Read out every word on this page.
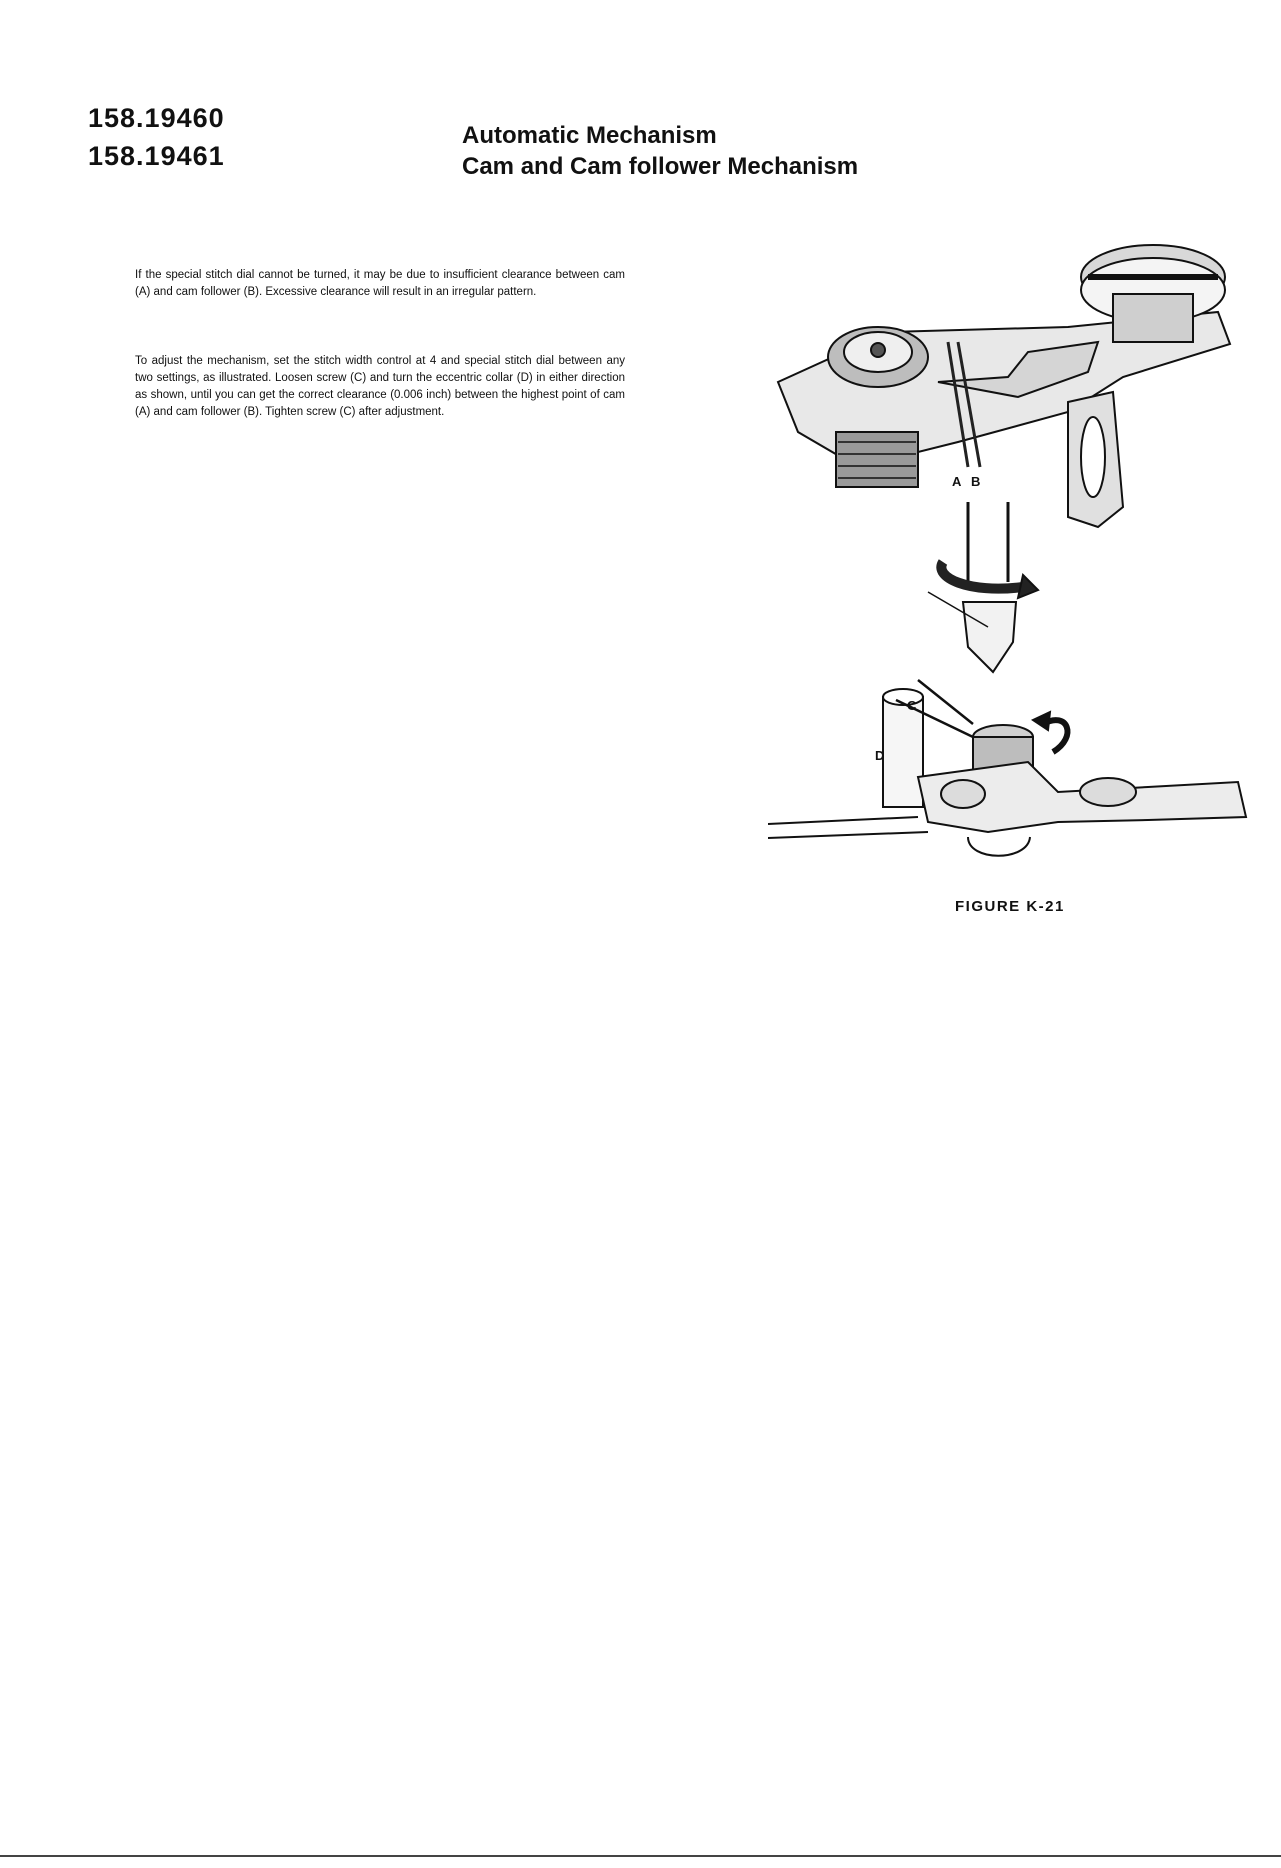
158.19460
158.19461
Automatic Mechanism
Cam and Cam follower Mechanism

If the special stitch dial cannot be turned, it may be due to insufficient clearance between cam (A) and cam follower (B). Excessive clearance will result in an irregular pattern.

To adjust the mechanism, set the stitch width control at 4 and special stitch dial between any two settings, as illustrated. Loosen screw (C) and turn the eccentric collar (D) in either direction as shown, until you can get the correct clearance (0.006 inch) between the highest point of cam (A) and cam follower (B). Tighten screw (C) after adjustment.

A B
C
D
FIGURE K-21
